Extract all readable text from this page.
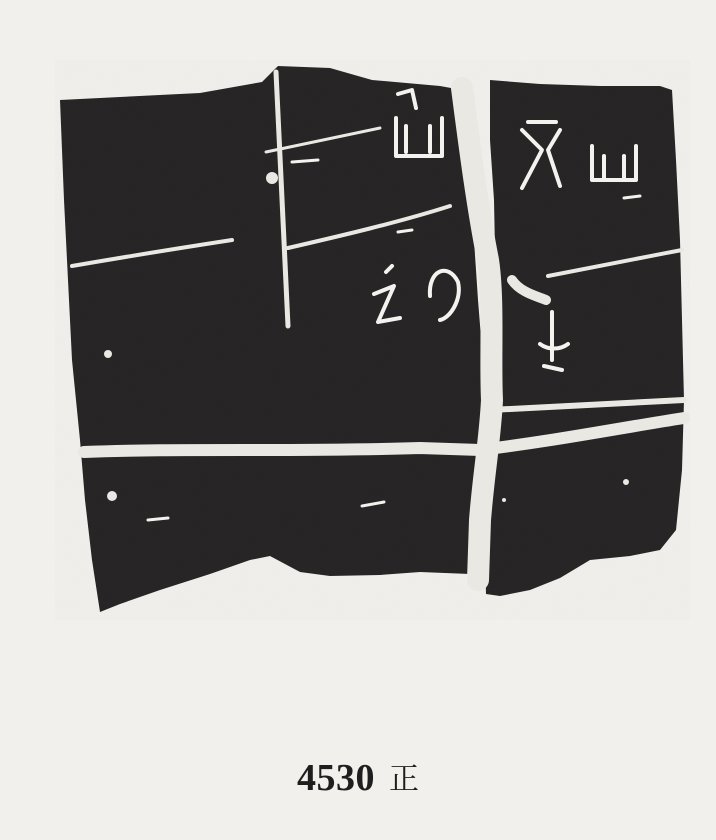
4530 正
